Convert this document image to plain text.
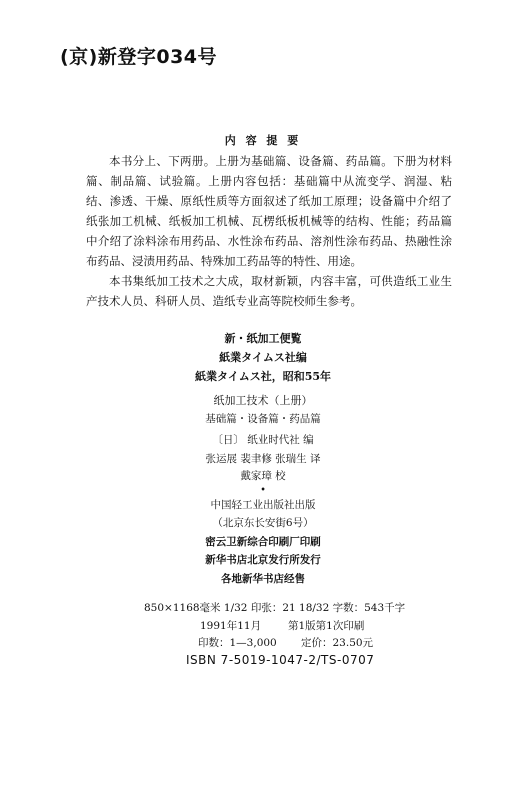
(京)新登字034号
内 容 提 要

本书分上、下两册。上册为基础篇、设备篇、药品篇。下册为材料篇、制品篇、试验篇。上册内容包括：基础篇中从流变学、润湿、粘结、渗透、干燥、原纸性质等方面叙述了纸加工原理；设备篇中介绍了纸张加工机械、纸板加工机械、瓦楞纸板机械等的结构、性能；药品篇中介绍了涂料涂布用药品、水性涂布药品、溶剂性涂布药品、热融性涂布药品、浸渍用药品、特殊加工药品等的特性、用途。

本书集纸加工技术之大成，取材新颖，内容丰富，可供造纸工业生产技术人员、科研人员、造纸专业高等院校师生参考。

新・纸加工便覧
紙業タイムス社编
紙業タイムス社，昭和55年
纸加工技术（上册）
基础篇・设备篇・药品篇
〔日〕 纸业时代社 编
张运展 裴聿修 张瑞生 译
戴家璋 校
•
中国轻工业出版社出版
（北京东长安街6号）
密云卫新综合印刷厂印刷
新华书店北京发行所发行
各地新华书店经售
850×1168毫米 1/32 印张：21 18/32 字数：543千字
1991年11月	第1版第1次印刷
印数：1—3,000 定价：23.50元
ISBN 7-5019-1047-2/TS-0707
